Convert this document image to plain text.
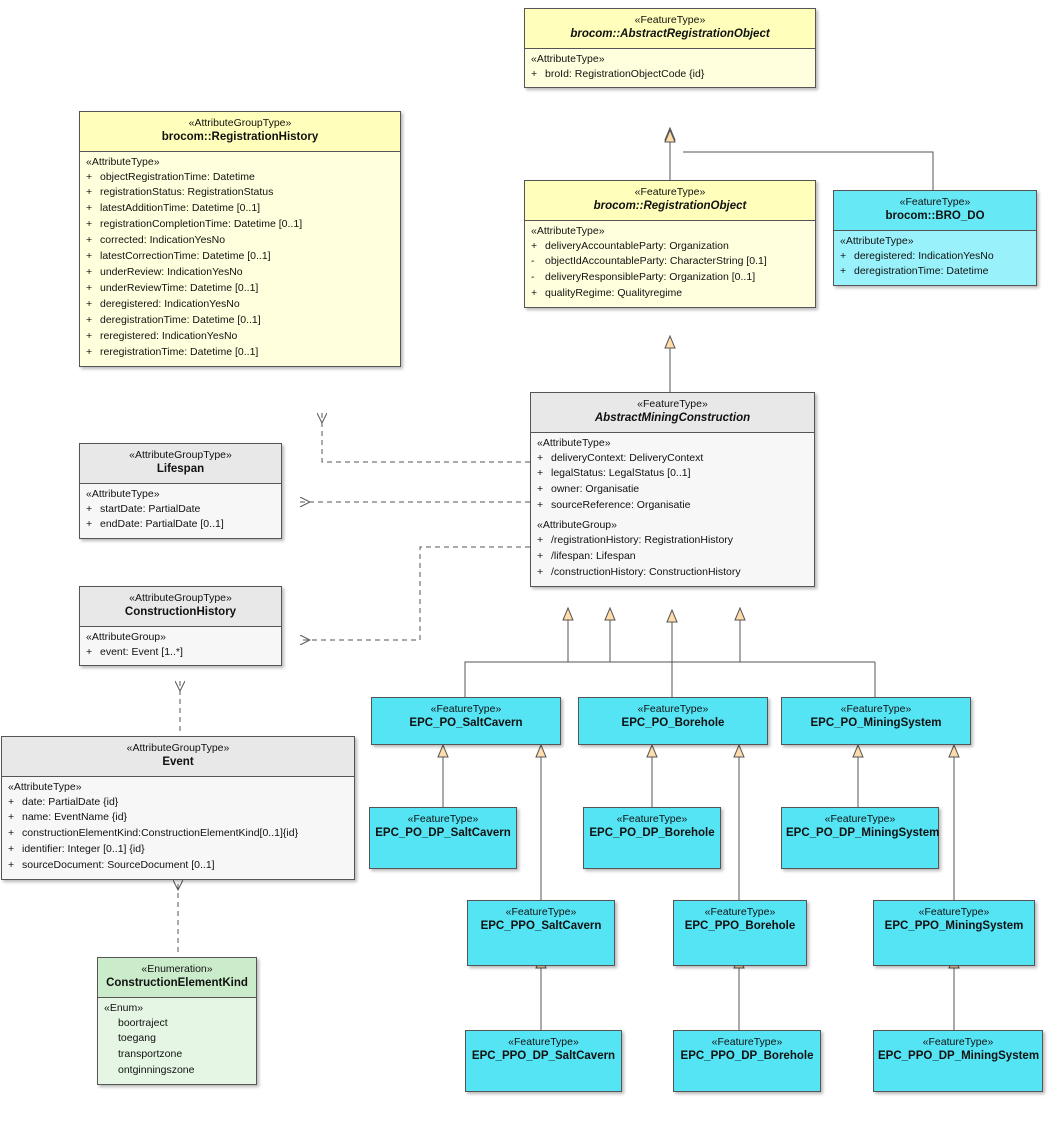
«FeatureType»
brocom::AbstractRegistrationObject
«AttributeType»
+ broId: RegistrationObjectCode {id}
«AttributeGroupType»
brocom::RegistrationHistory
«AttributeType»
+ objectRegistrationTime: Datetime
+ registrationStatus: RegistrationStatus
+ latestAdditionTime: Datetime [0..1]
+ registrationCompletionTime: Datetime [0..1]
+ corrected: IndicationYesNo
+ latestCorrectionTime: Datetime [0..1]
+ underReview: IndicationYesNo
+ underReviewTime: Datetime [0..1]
+ deregistered: IndicationYesNo
+ deregistrationTime: Datetime [0..1]
+ reregistered: IndicationYesNo
+ reregistrationTime: Datetime [0..1]
«FeatureType»
brocom::RegistrationObject
«AttributeType»
+ deliveryAccountableParty: Organization
- objectIdAccountableParty: CharacterString [0.1]
- deliveryResponsibleParty: Organization [0..1]
+ qualityRegime: Qualityregime
«FeatureType»
brocom::BRO_DO
«AttributeType»
+ deregistered: IndicationYesNo
+ deregistrationTime: Datetime
«FeatureType»
AbstractMiningConstruction
«AttributeType»
+ deliveryContext: DeliveryContext
+ legalStatus: LegalStatus [0..1]
+ owner: Organisatie
+ sourceReference: Organisatie
«AttributeGroup»
+ /registrationHistory: RegistrationHistory
+ /lifespan: Lifespan
+ /constructionHistory: ConstructionHistory
«AttributeGroupType»
Lifespan
«AttributeType»
+ startDate: PartialDate
+ endDate: PartialDate [0..1]
«AttributeGroupType»
ConstructionHistory
«AttributeGroup»
+ event: Event [1..*]
«AttributeGroupType»
Event
«AttributeType»
+ date: PartialDate {id}
+ name: EventName {id}
+ constructionElementKind:ConstructionElementKind[0..1]{id}
+ identifier: Integer [0..1] {id}
+ sourceDocument: SourceDocument [0..1]
«Enumeration»
ConstructionElementKind
«Enum»
boortraject
toegang
transportzone
ontginningszone
«FeatureType»
EPC_PO_SaltCavern
«FeatureType»
EPC_PO_Borehole
«FeatureType»
EPC_PO_MiningSystem
«FeatureType»
EPC_PO_DP_SaltCavern
«FeatureType»
EPC_PO_DP_Borehole
«FeatureType»
EPC_PO_DP_MiningSystem
«FeatureType»
EPC_PPO_SaltCavern
«FeatureType»
EPC_PPO_Borehole
«FeatureType»
EPC_PPO_MiningSystem
«FeatureType»
EPC_PPO_DP_SaltCavern
«FeatureType»
EPC_PPO_DP_Borehole
«FeatureType»
EPC_PPO_DP_MiningSystem
